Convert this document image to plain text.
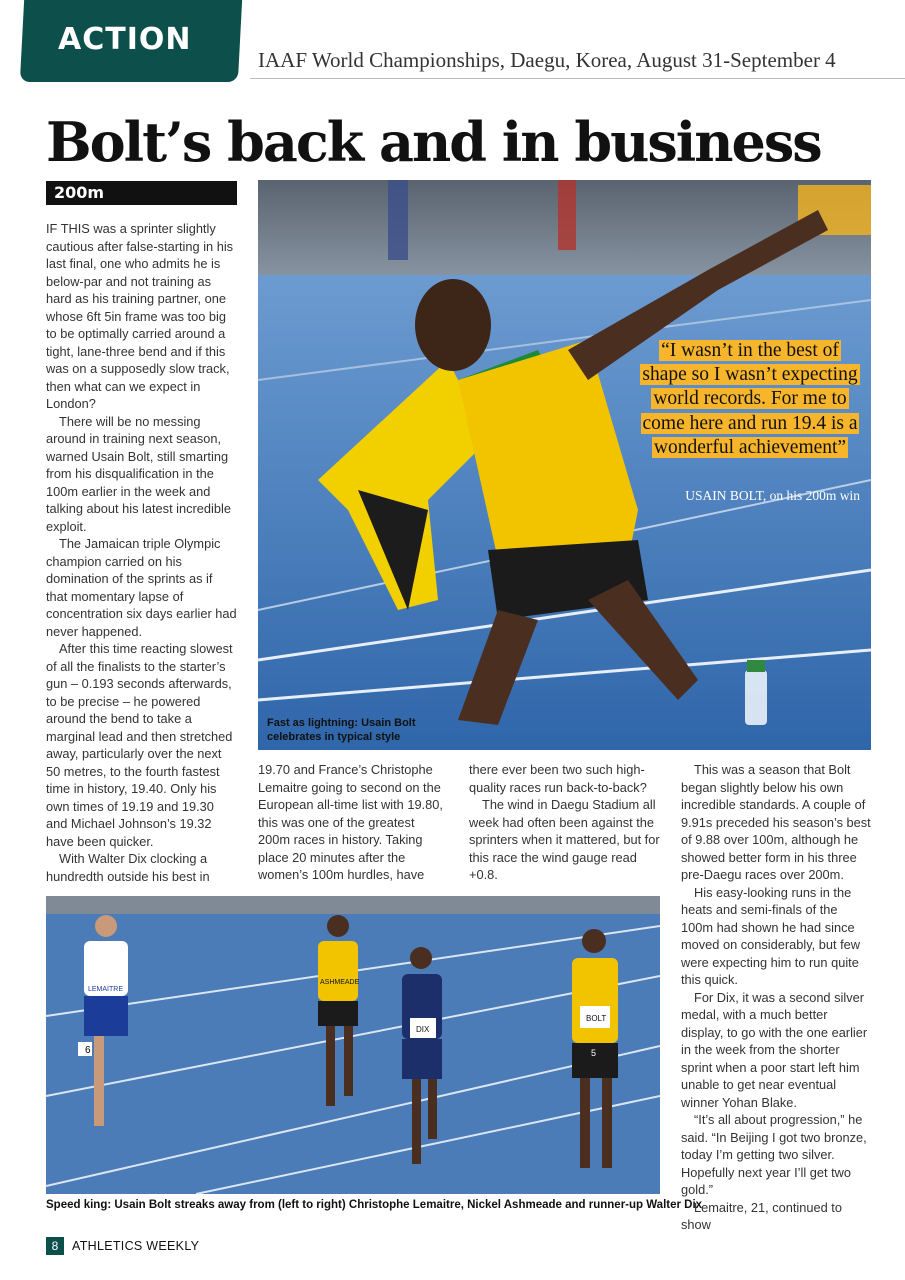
ACTION
IAAF World Championships, Daegu, Korea, August 31-September 4
Bolt’s back and in business
200m

IF THIS was a sprinter slightly cautious after false-starting in his last final, one who admits he is below-par and not training as hard as his training partner, one whose 6ft 5in frame was too big to be optimally carried around a tight, lane-three bend and if this was on a supposedly slow track, then what can we expect in London?

There will be no messing around in training next season, warned Usain Bolt, still smarting from his disqualification in the 100m earlier in the week and talking about his latest incredible exploit.

The Jamaican triple Olympic champion carried on his domination of the sprints as if that momentary lapse of concentration six days earlier had never happened.

After this time reacting slowest of all the finalists to the starter’s gun – 0.193 seconds afterwards, to be precise – he powered around the bend to take a marginal lead and then stretched away, particularly over the next 50 metres, to the fourth fastest time in history, 19.40. Only his own times of 19.19 and 19.30 and Michael Johnson’s 19.32 have been quicker.

With Walter Dix clocking a hundredth outside his best in

“I wasn’t in the best of shape so I wasn’t expecting world records. For me to come here and run 19.4 is a wonderful achievement”
USAIN BOLT, on his 200m win
Fast as lightning: Usain Bolt celebrates in typical style

19.70 and France’s Christophe Lemaitre going to second on the European all-time list with 19.80, this was one of the greatest 200m races in history. Taking place 20 minutes after the women’s 100m hurdles, have

there ever been two such high-quality races run back-to-back?

The wind in Daegu Stadium all week had often been against the sprinters when it mattered, but for this race the wind gauge read +0.8.

This was a season that Bolt began slightly below his own incredible standards. A couple of 9.91s preceded his season’s best of 9.88 over 100m, although he showed better form in his three pre-Daegu races over 200m.

His easy-looking runs in the heats and semi-finals of the 100m had shown he had since moved on considerably, but few were expecting him to run quite this quick.

For Dix, it was a second silver medal, with a much better display, to go with the one earlier in the week from the shorter sprint when a poor start left him unable to get near eventual winner Yohan Blake.

“It’s all about progression,” he said. “In Beijing I got two bronze, today I’m getting two silver. Hopefully next year I’ll get two gold.”

Lemaitre, 21, continued to show

6
LEMAITRE
ASHMEADE
DIX
BOLT
5
Speed king: Usain Bolt streaks away from (left to right) Christophe Lemaitre, Nickel Ashmeade and runner-up Walter Dix
8	ATHLETICS WEEKLY
